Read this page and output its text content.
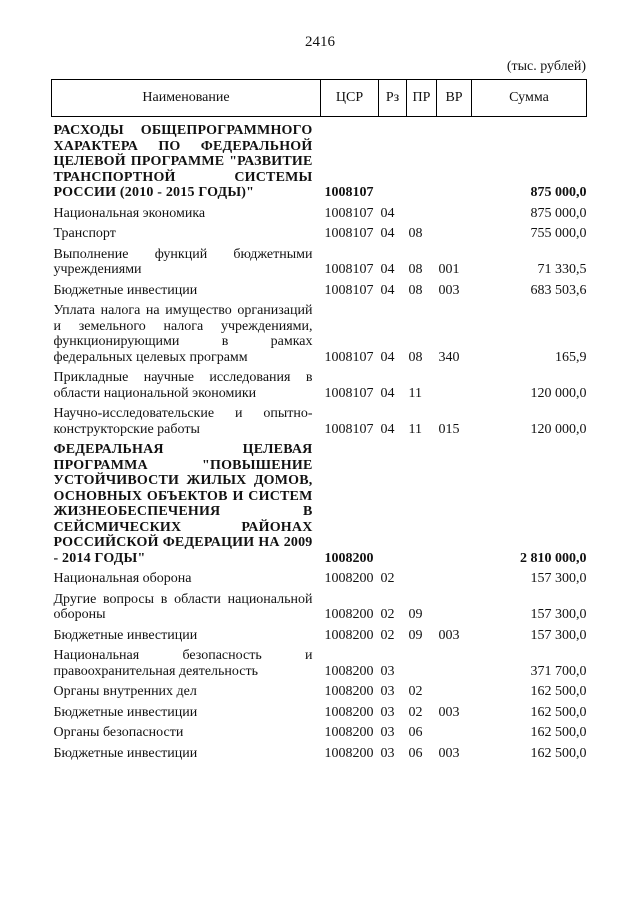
2416
(тыс. рублей)
Наименование	ЦСР	Рз	ПР	ВР	Сумма
РАСХОДЫ ОБЩЕПРОГРАММНОГО ХАРАКТЕРА ПО ФЕДЕРАЛЬНОЙ ЦЕЛЕВОЙ ПРОГРАММЕ "РАЗВИТИЕ ТРАНСПОРТНОЙ СИСТЕМЫ РОССИИ (2010 - 2015 ГОДЫ)"	1008107				875 000,0
Национальная экономика	1008107	04			875 000,0
Транспорт	1008107	04	08		755 000,0
Выполнение функций бюджетными учреждениями	1008107	04	08	001	71 330,5
Бюджетные инвестиции	1008107	04	08	003	683 503,6
Уплата налога на имущество организаций и земельного налога учреждениями, функционирующими в рамках федеральных целевых программ	1008107	04	08	340	165,9
Прикладные научные исследования в области национальной экономики	1008107	04	11		120 000,0
Научно-исследовательские и опытно-конструкторские работы	1008107	04	11	015	120 000,0
ФЕДЕРАЛЬНАЯ ЦЕЛЕВАЯ ПРОГРАММА "ПОВЫШЕНИЕ УСТОЙЧИВОСТИ ЖИЛЫХ ДОМОВ, ОСНОВНЫХ ОБЪЕКТОВ И СИСТЕМ ЖИЗНЕОБЕСПЕЧЕНИЯ В СЕЙСМИЧЕСКИХ РАЙОНАХ РОССИЙСКОЙ ФЕДЕРАЦИИ НА 2009 - 2014 ГОДЫ"	1008200				2 810 000,0
Национальная оборона	1008200	02			157 300,0
Другие вопросы в области национальной обороны	1008200	02	09		157 300,0
Бюджетные инвестиции	1008200	02	09	003	157 300,0
Национальная безопасность и правоохранительная деятельность	1008200	03			371 700,0
Органы внутренних дел	1008200	03	02		162 500,0
Бюджетные инвестиции	1008200	03	02	003	162 500,0
Органы безопасности	1008200	03	06		162 500,0
Бюджетные инвестиции	1008200	03	06	003	162 500,0
